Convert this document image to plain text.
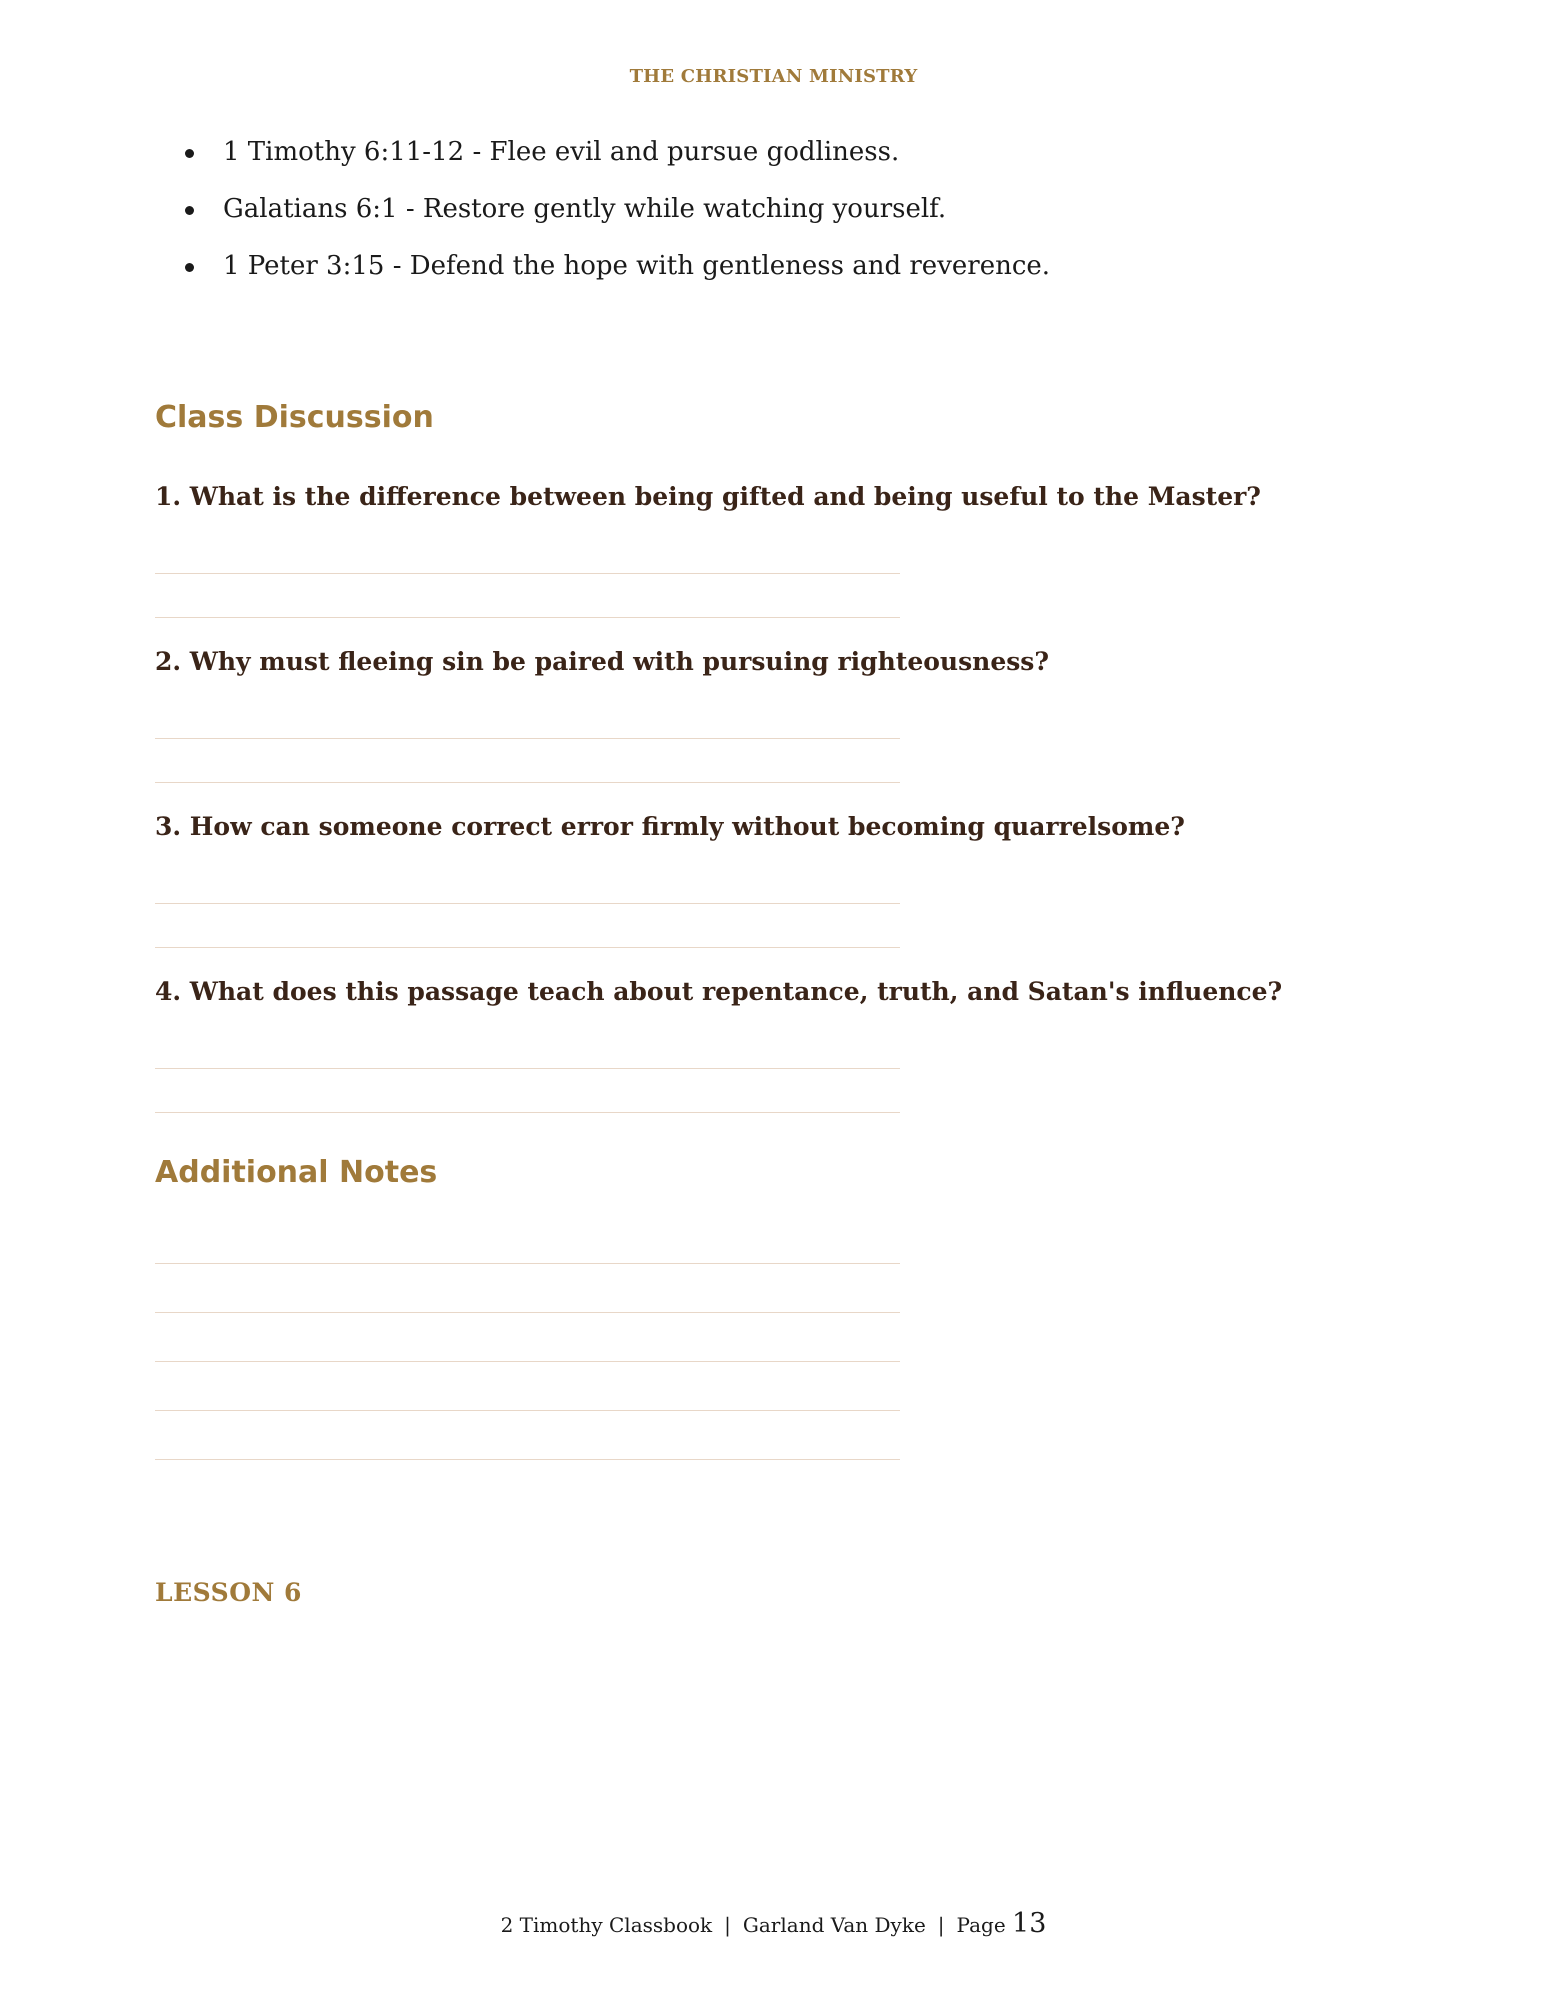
THE CHRISTIAN MINISTRY
1 Timothy 6:11-12 - Flee evil and pursue godliness.
Galatians 6:1 - Restore gently while watching yourself.
1 Peter 3:15 - Defend the hope with gentleness and reverence.
Class Discussion
1. What is the difference between being gifted and being useful to the Master?
2. Why must fleeing sin be paired with pursuing righteousness?
3. How can someone correct error firmly without becoming quarrelsome?
4. What does this passage teach about repentance, truth, and Satan's influence?
Additional Notes
LESSON 6
2 Timothy Classbook | Garland Van Dyke | Page 13
